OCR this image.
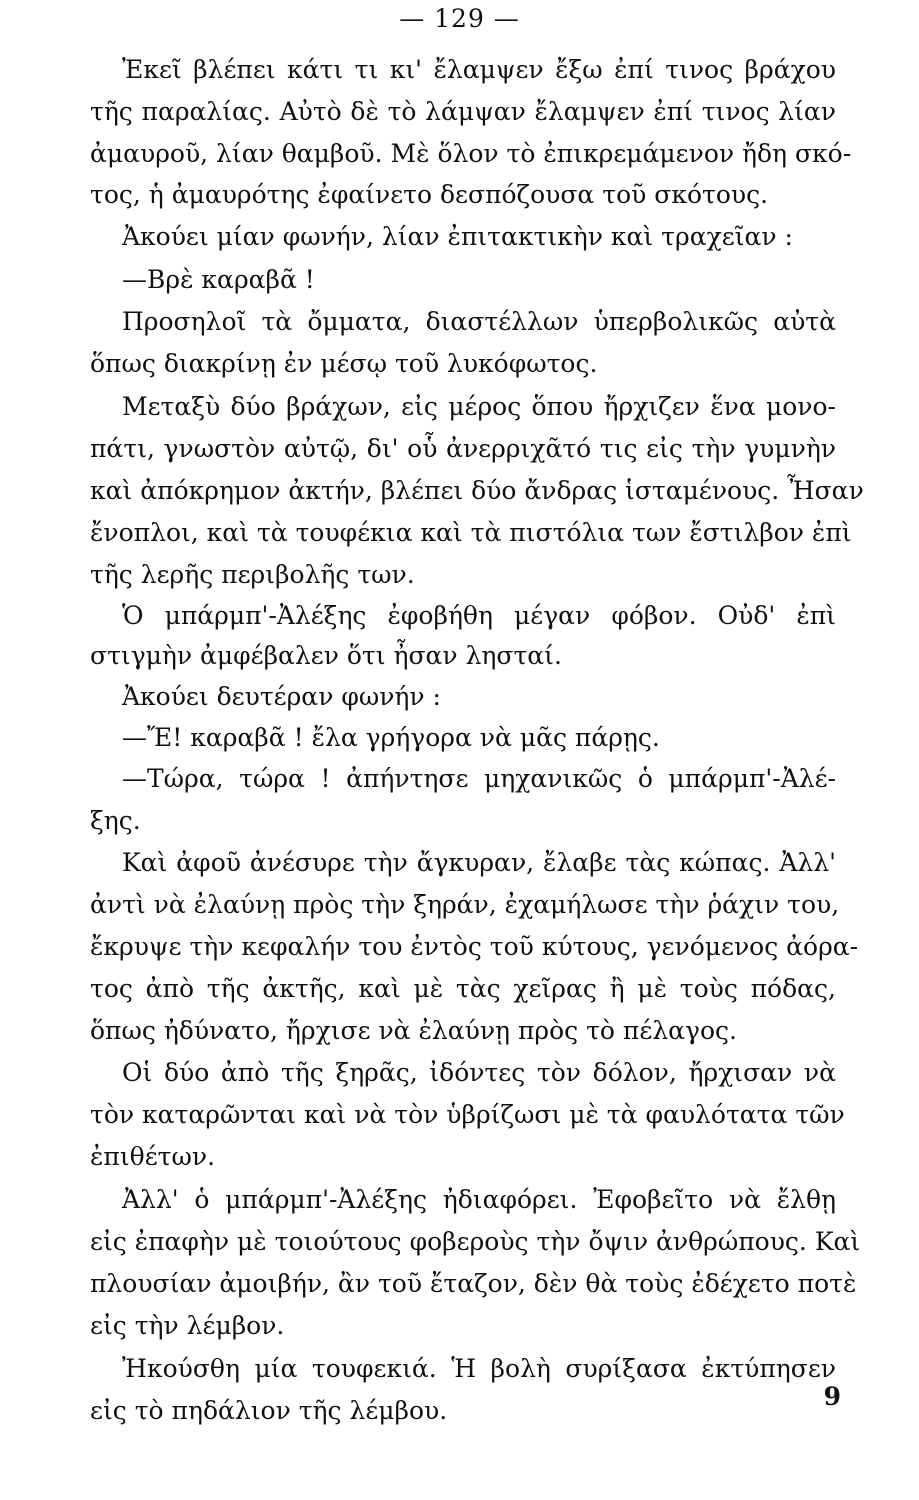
— 129 —
Ἐκεῖ βλέπει κάτι τι κι' ἔλαμψεν ἔξω ἐπί τινος βράχου
τῆς παραλίας. Αὐτὸ δὲ τὸ λάμψαν ἔλαμψεν ἐπί τινος λίαν
ἀμαυροῦ, λίαν θαμβοῦ. Μὲ ὅλον τὸ ἐπικρεμάμενον ἤδη σκό-
τος, ἡ ἀμαυρότης ἐφαίνετο δεσπόζουσα τοῦ σκότους.
Ἀκούει μίαν φωνήν, λίαν ἐπιτακτικὴν καὶ τραχεῖαν :
—Βρὲ καραβᾶ !
Προσηλοῖ τὰ ὄμματα, διαστέλλων ὑπερβολικῶς αὐτὰ
ὅπως διακρίνῃ ἐν μέσῳ τοῦ λυκόφωτος.
Μεταξὺ δύο βράχων, εἰς μέρος ὅπου ἤρχιζεν ἕνα μονο-
πάτι, γνωστὸν αὐτῷ, δι' οὗ ἀνερριχᾶτό τις εἰς τὴν γυμνὴν
καὶ ἀπόκρημον ἀκτήν, βλέπει δύο ἄνδρας ἱσταμένους. Ἦσαν
ἔνοπλοι, καὶ τὰ τουφέκια καὶ τὰ πιστόλια των ἔστιλβον ἐπὶ
τῆς λερῆς περιβολῆς των.
Ὁ μπάρμπ'-Ἀλέξης ἐφοβήθη μέγαν φόβον. Οὐδ' ἐπὶ
στιγμὴν ἀμφέβαλεν ὅτι ἦσαν λησταί.
Ἀκούει δευτέραν φωνήν :
—Ἔ! καραβᾶ ! ἔλα γρήγορα νὰ μᾶς πάρῃς.
—Τώρα, τώρα ! ἀπήντησε μηχανικῶς ὁ μπάρμπ'-Ἀλέ-
ξης.
Καὶ ἀφοῦ ἀνέσυρε τὴν ἄγκυραν, ἔλαβε τὰς κώπας. Ἀλλ'
ἀντὶ νὰ ἐλαύνῃ πρὸς τὴν ξηράν, ἐχαμήλωσε τὴν ῥάχιν του,
ἔκρυψε τὴν κεφαλήν του ἐντὸς τοῦ κύτους, γενόμενος ἀόρα-
τος ἀπὸ τῆς ἀκτῆς, καὶ μὲ τὰς χεῖρας ἢ μὲ τοὺς πόδας,
ὅπως ἠδύνατο, ἤρχισε νὰ ἐλαύνῃ πρὸς τὸ πέλαγος.
Οἱ δύο ἀπὸ τῆς ξηρᾶς, ἰδόντες τὸν δόλον, ἤρχισαν νὰ
τὸν καταρῶνται καὶ νὰ τὸν ὑβρίζωσι μὲ τὰ φαυλότατα τῶν
ἐπιθέτων.
Ἀλλ' ὁ μπάρμπ'-Ἀλέξης ἠδιαφόρει. Ἐφοβεῖτο νὰ ἔλθῃ
εἰς ἐπαφὴν μὲ τοιούτους φοβεροὺς τὴν ὄψιν ἀνθρώπους. Καὶ
πλουσίαν ἀμοιβήν, ἂν τοῦ ἔταζον, δὲν θὰ τοὺς ἐδέχετο ποτὲ
εἰς τὴν λέμβον.
Ἠκούσθη μία τουφεκιά. Ἡ βολὴ συρίξασα ἐκτύπησεν
εἰς τὸ πηδάλιον τῆς λέμβου.	9
